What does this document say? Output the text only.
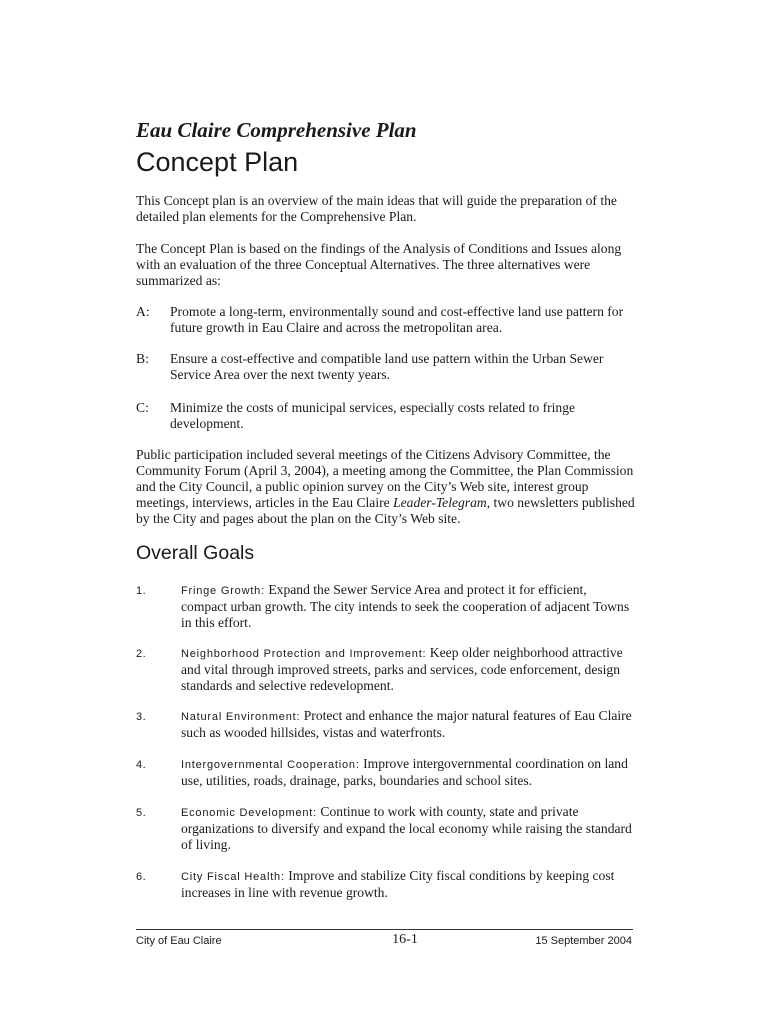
Eau Claire Comprehensive Plan
Concept Plan

This Concept plan is an overview of the main ideas that will guide the preparation of the detailed plan elements for the Comprehensive Plan.

The Concept Plan is based on the findings of the Analysis of Conditions and Issues along with an evaluation of the three Conceptual Alternatives. The three alternatives were summarized as:

A: Promote a long-term, environmentally sound and cost-effective land use pattern for future growth in Eau Claire and across the metropolitan area.
B: Ensure a cost-effective and compatible land use pattern within the Urban Sewer Service Area over the next twenty years.
C: Minimize the costs of municipal services, especially costs related to fringe development.

Public participation included several meetings of the Citizens Advisory Committee, the Community Forum (April 3, 2004), a meeting among the Committee, the Plan Commission and the City Council, a public opinion survey on the City’s Web site, interest group meetings, interviews, articles in the Eau Claire Leader-Telegram, two newsletters published by the City and pages about the plan on the City’s Web site.

Overall Goals
1.	Fringe Growth: Expand the Sewer Service Area and protect it for efficient, compact urban growth. The city intends to seek the cooperation of adjacent Towns in this effort.
2.	Neighborhood Protection and Improvement: Keep older neighborhood attractive and vital through improved streets, parks and services, code enforcement, design standards and selective redevelopment.
3.	Natural Environment: Protect and enhance the major natural features of Eau Claire such as wooded hillsides, vistas and waterfronts.
4.	Intergovernmental Cooperation: Improve intergovernmental coordination on land use, utilities, roads, drainage, parks, boundaries and school sites.
5.	Economic Development: Continue to work with county, state and private organizations to diversify and expand the local economy while raising the standard of living.
6.	City Fiscal Health: Improve and stabilize City fiscal conditions by keeping cost increases in line with revenue growth.
City of Eau Claire	16-1	15 September 2004
